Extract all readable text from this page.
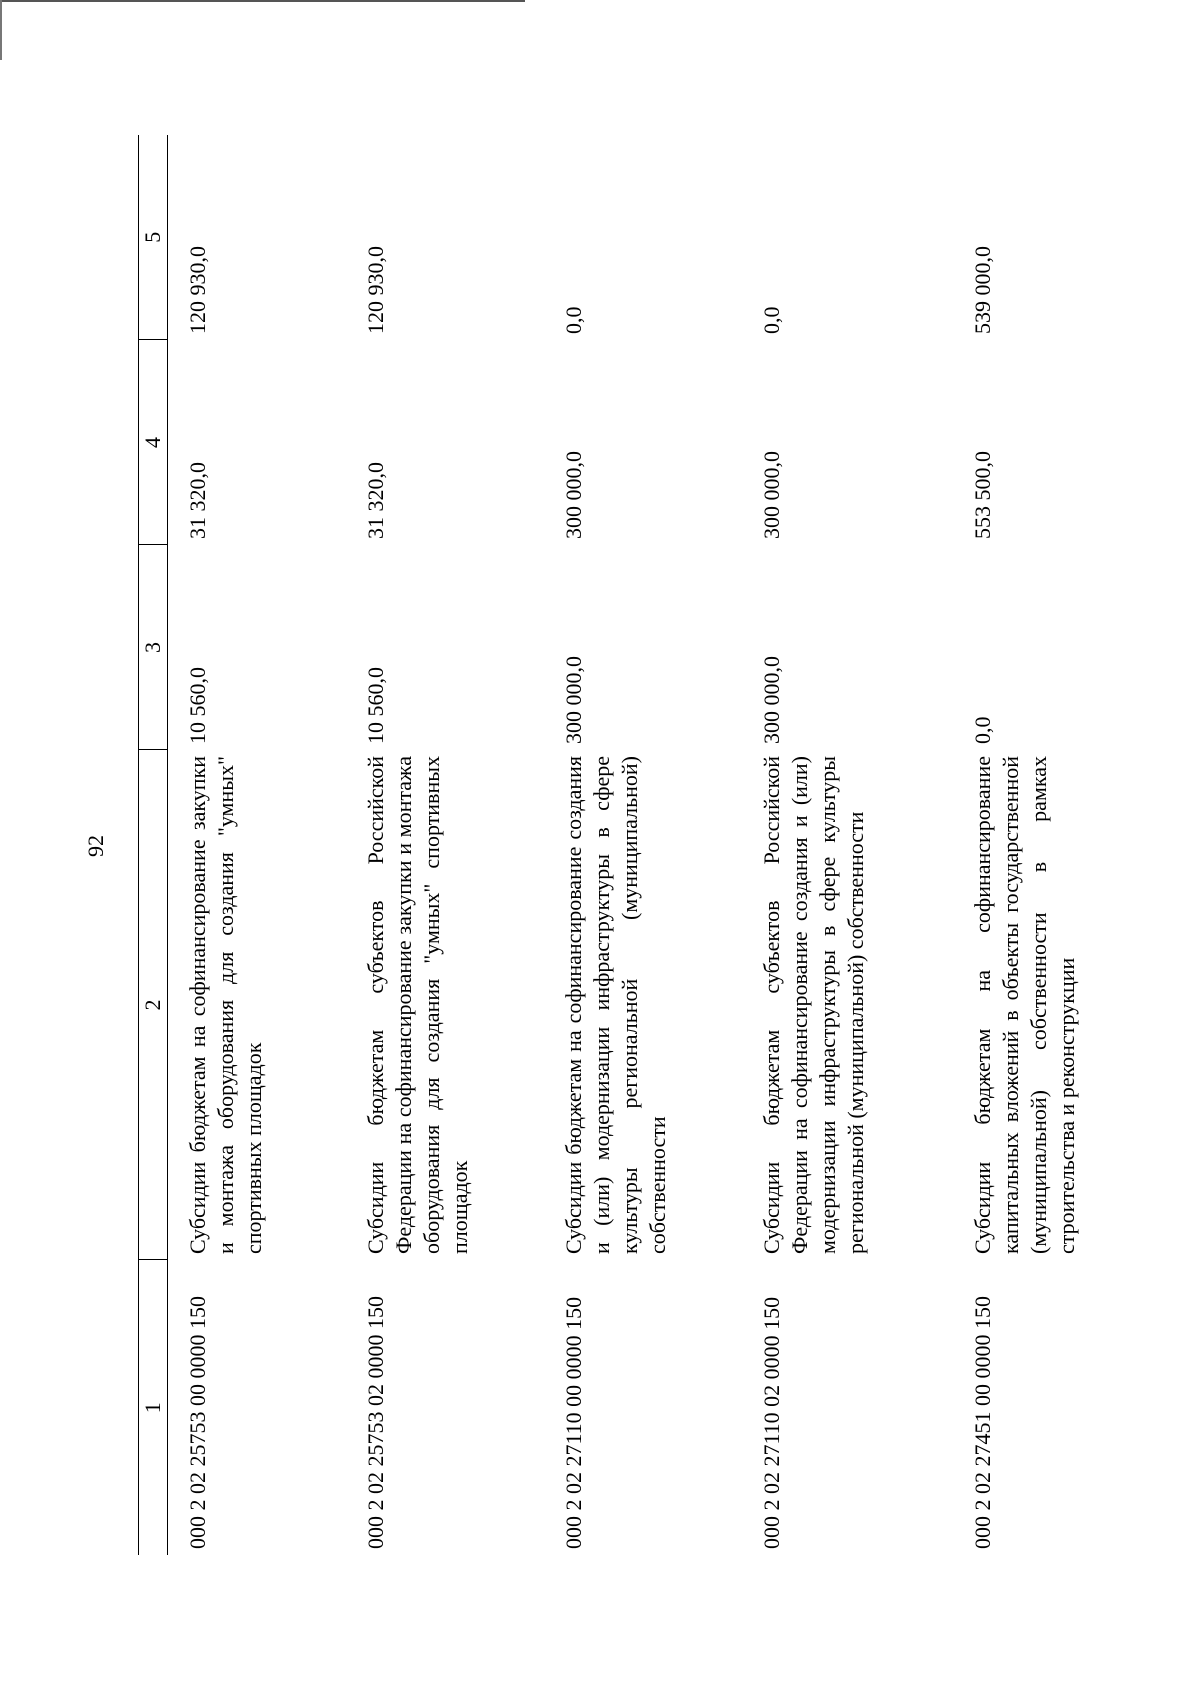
92
1	2	3	4	5
000 2 02 25753 00 0000 150	Субсидии бюджетам на софинансирование закупки и монтажа оборудования для создания "умных" спортивных площадок	10 560,0	31 320,0	120 930,0
000 2 02 25753 02 0000 150	Субсидии бюджетам субъектов Российской Федерации на софинансирование закупки и монтажа оборудования для создания "умных" спортивных площадок	10 560,0	31 320,0	120 930,0
000 2 02 27110 00 0000 150	Субсидии бюджетам на софинансирование создания и (или) модернизации инфраструктуры в сфере культуры региональной (муниципальной) собственности	300 000,0	300 000,0	0,0
000 2 02 27110 02 0000 150	Субсидии бюджетам субъектов Российской Федерации на софинансирование создания и (или) модернизации инфраструктуры в сфере культуры региональной (муниципальной) собственности	300 000,0	300 000,0	0,0
000 2 02 27451 00 0000 150	Субсидии бюджетам на софинансирование капитальных вложений в объекты государственной (муниципальной) собственности в рамках строительства и реконструкции	0,0	553 500,0	539 000,0
